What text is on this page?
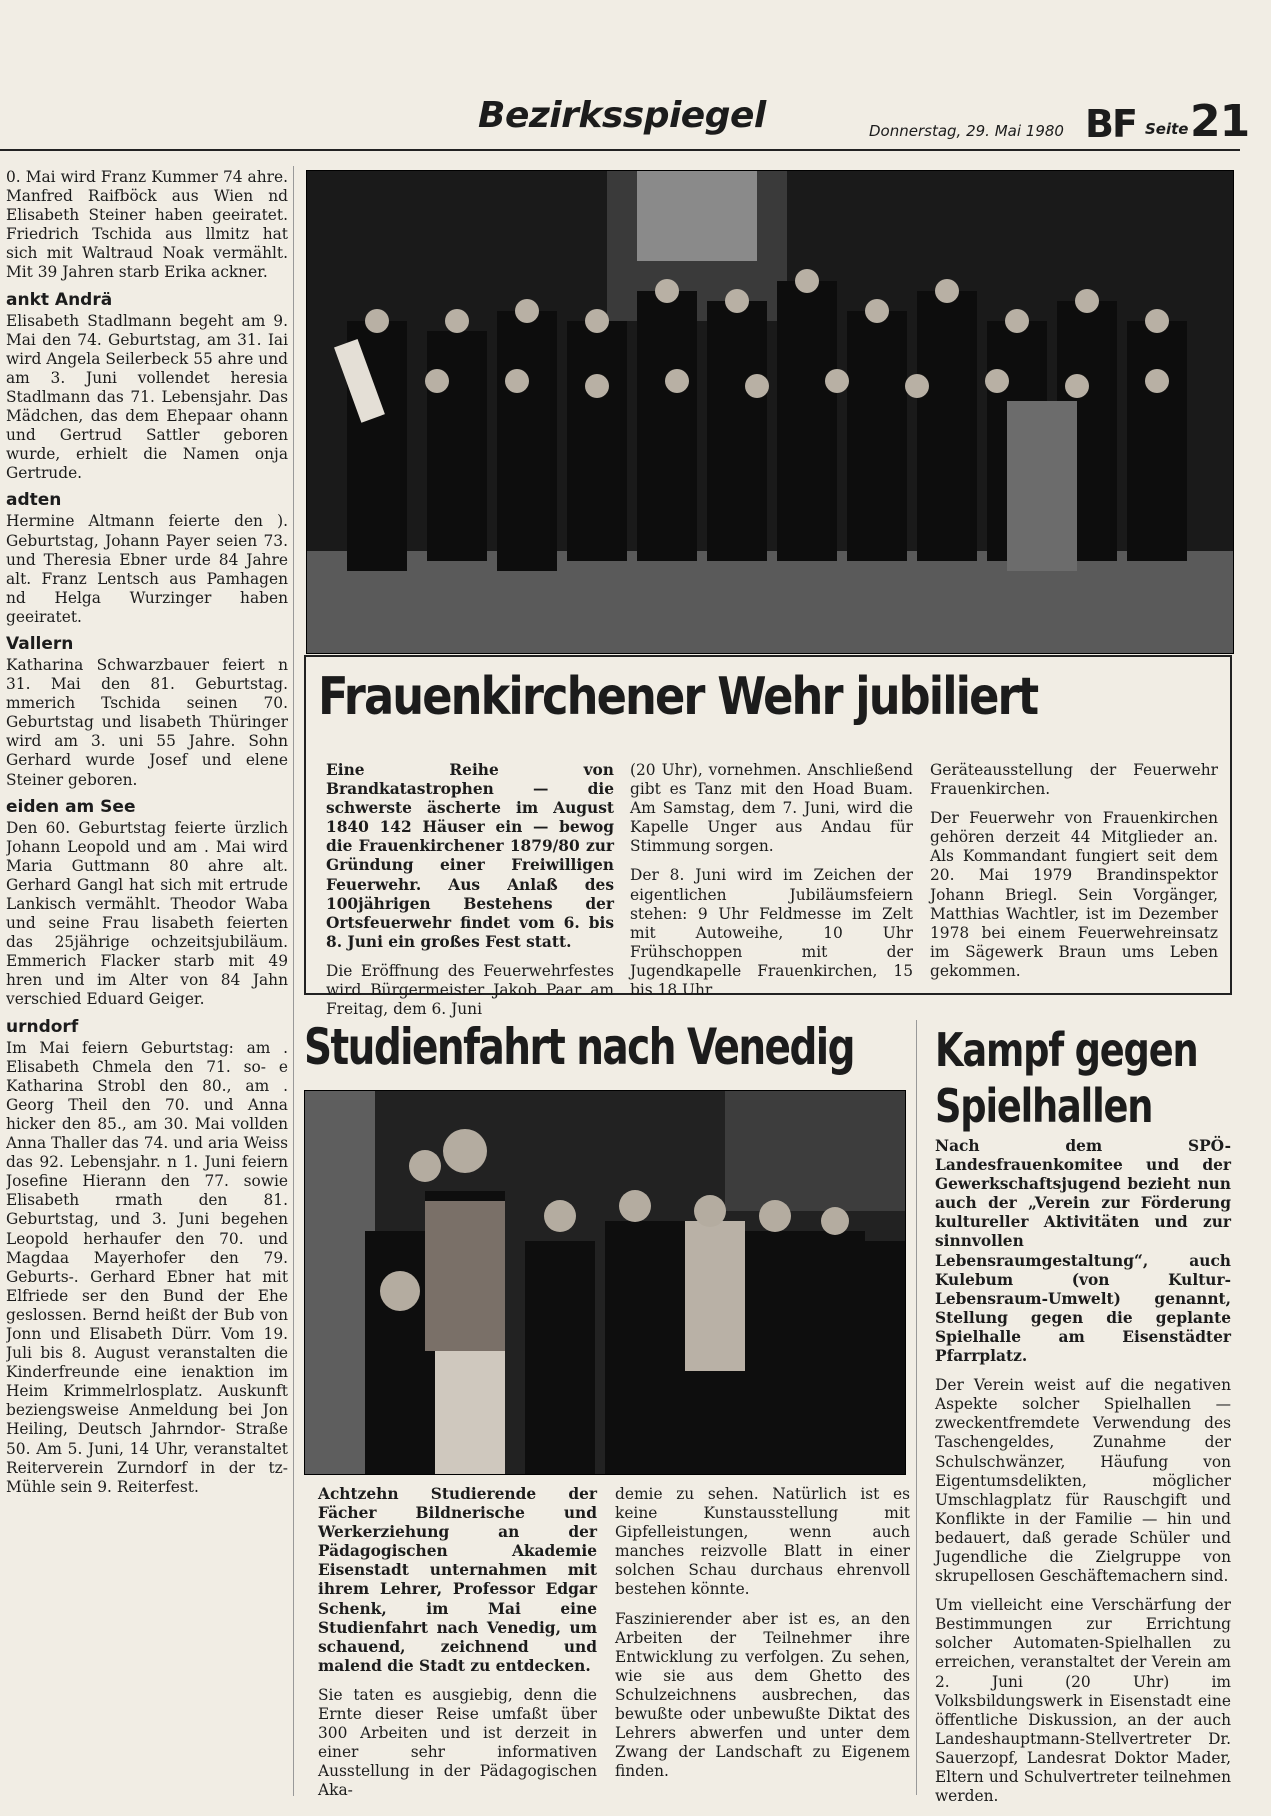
Bezirksspiegel	Donnerstag, 29. Mai 1980 BF Seite 21

0. Mai wird Franz Kummer 74 ahre. Manfred Raifböck aus Wien nd Elisabeth Steiner haben geeiratet. Friedrich Tschida aus llmitz hat sich mit Waltraud Noak vermählt. Mit 39 Jahren starb Erika ackner.

ankt Andrä

Elisabeth Stadlmann begeht am 9. Mai den 74. Geburtstag, am 31. Iai wird Angela Seilerbeck 55 ahre und am 3. Juni vollendet heresia Stadlmann das 71. Lebensjahr. Das Mädchen, das dem Ehepaar ohann und Gertrud Sattler geboren wurde, erhielt die Namen onja Gertrude.

adten

Hermine Altmann feierte den ). Geburtstag, Johann Payer seien 73. und Theresia Ebner urde 84 Jahre alt. Franz Lentsch aus Pamhagen nd Helga Wurzinger haben geeiratet.

Vallern

Katharina Schwarzbauer feiert n 31. Mai den 81. Geburtstag. mmerich Tschida seinen 70. Geburtstag und lisabeth Thüringer wird am 3. uni 55 Jahre. Sohn Gerhard wurde Josef und elene Steiner geboren.

eiden am See

Den 60. Geburtstag feierte ürzlich Johann Leopold und am . Mai wird Maria Guttmann 80 ahre alt. Gerhard Gangl hat sich mit ertrude Lankisch vermählt. Theodor Waba und seine Frau lisabeth feierten das 25jährige ochzeitsjubiläum. Emmerich Flacker starb mit 49 hren und im Alter von 84 Jahn verschied Eduard Geiger.

urndorf

Im Mai feiern Geburtstag: am . Elisabeth Chmela den 71. so- e Katharina Strobl den 80., am . Georg Theil den 70. und Anna hicker den 85., am 30. Mai vollden Anna Thaller das 74. und aria Weiss das 92. Lebensjahr. n 1. Juni feiern Josefine Hierann den 77. sowie Elisabeth rmath den 81. Geburtstag, und 3. Juni begehen Leopold herhaufer den 70. und Magdaa Mayerhofer den 79. Geburts-. Gerhard Ebner hat mit Elfriede ser den Bund der Ehe geslossen. Bernd heißt der Bub von Jonn und Elisabeth Dürr. Vom 19. Juli bis 8. August veranstalten die Kinderfreunde eine ienaktion im Heim Krimmelrlosplatz. Auskunft beziengsweise Anmeldung bei Jon Heiling, Deutsch Jahrndor- Straße 50. Am 5. Juni, 14 Uhr, veranstaltet Reiterverein Zurndorf in der tz-Mühle sein 9. Reiterfest.

Frauenkirchener Wehr jubiliert

Eine Reihe von Brandkatastrophen — die schwerste äscherte im August 1840 142 Häuser ein — bewog die Frauenkirchener 1879/80 zur Gründung einer Freiwilligen Feuerwehr. Aus Anlaß des 100jährigen Bestehens der Ortsfeuerwehr findet vom 6. bis 8. Juni ein großes Fest statt.

Die Eröffnung des Feuerwehrfestes wird Bürgermeister Jakob Paar am Freitag, dem 6. Juni

(20 Uhr), vornehmen. Anschließend gibt es Tanz mit den Hoad Buam. Am Samstag, dem 7. Juni, wird die Kapelle Unger aus Andau für Stimmung sorgen.

Der 8. Juni wird im Zeichen der eigentlichen Jubiläumsfeiern stehen: 9 Uhr Feldmesse im Zelt mit Autoweihe, 10 Uhr Frühschoppen mit der Jugendkapelle Frauenkirchen, 15 bis 18 Uhr

Geräteausstellung der Feuerwehr Frauenkirchen.

Der Feuerwehr von Frauenkirchen gehören derzeit 44 Mitglieder an. Als Kommandant fungiert seit dem 20. Mai 1979 Brandinspektor Johann Briegl. Sein Vorgänger, Matthias Wachtler, ist im Dezember 1978 bei einem Feuerwehreinsatz im Sägewerk Braun ums Leben gekommen.

Studienfahrt nach Venedig

Achtzehn Studierende der Fächer Bildnerische und Werkerziehung an der Pädagogischen Akademie Eisenstadt unternahmen mit ihrem Lehrer, Professor Edgar Schenk, im Mai eine Studienfahrt nach Venedig, um schauend, zeichnend und malend die Stadt zu entdecken.

Sie taten es ausgiebig, denn die Ernte dieser Reise umfaßt über 300 Arbeiten und ist derzeit in einer sehr informativen Ausstellung in der Pädagogischen Aka-

demie zu sehen. Natürlich ist es keine Kunstausstellung mit Gipfelleistungen, wenn auch manches reizvolle Blatt in einer solchen Schau durchaus ehrenvoll bestehen könnte.

Faszinierender aber ist es, an den Arbeiten der Teilnehmer ihre Entwicklung zu verfolgen. Zu sehen, wie sie aus dem Ghetto des Schulzeichnens ausbrechen, das bewußte oder unbewußte Diktat des Lehrers abwerfen und unter dem Zwang der Landschaft zu Eigenem finden.

Kampf gegen Spielhallen

Nach dem SPÖ-Landesfrauenkomitee und der Gewerkschaftsjugend bezieht nun auch der „Verein zur Förderung kultureller Aktivitäten und zur sinnvollen Lebensraumgestaltung“, auch Kulebum (von Kultur-Lebensraum-Umwelt) genannt, Stellung gegen die geplante Spielhalle am Eisenstädter Pfarrplatz.

Der Verein weist auf die negativen Aspekte solcher Spielhallen — zweckentfremdete Verwendung des Taschengeldes, Zunahme der Schulschwänzer, Häufung von Eigentumsdelikten, möglicher Umschlagplatz für Rauschgift und Konflikte in der Familie — hin und bedauert, daß gerade Schüler und Jugendliche die Zielgruppe von skrupellosen Geschäftemachern sind.

Um vielleicht eine Verschärfung der Bestimmungen zur Errichtung solcher Automaten-Spielhallen zu erreichen, veranstaltet der Verein am 2. Juni (20 Uhr) im Volksbildungswerk in Eisenstadt eine öffentliche Diskussion, an der auch Landeshauptmann-Stellvertreter Dr. Sauerzopf, Landesrat Doktor Mader, Eltern und Schulvertreter teilnehmen werden.
